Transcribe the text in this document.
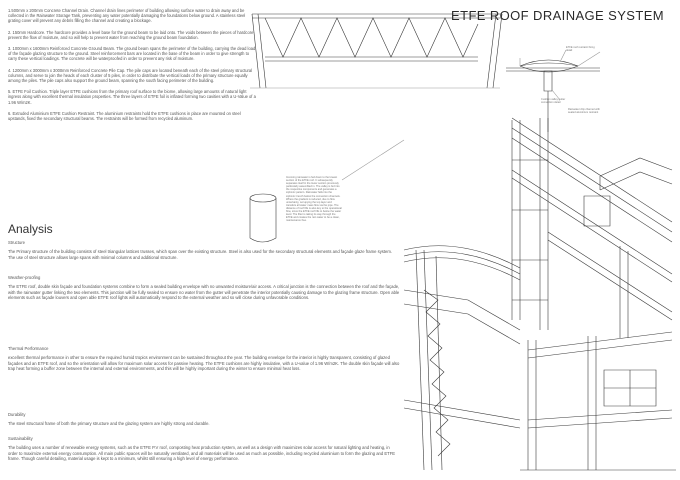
ETFE ROOF DRAINAGE SYSTEM

1.500mm x 200mm Concrete Channel Drain. Channel drain lines perimeter of building allowing surface water to drain away and be collected in the Rainwater Storage Tank, preventing any water potentially damaging the foundations below ground. A stainless steel grating cover will prevent any debris filling the channel and creating a blockage.

2. 150mm Hardcore. The hardcore provides a level base for the ground beam to be laid onto. The voids between the pieces of hardcore prevent the flow of moisture, and so will help to prevent water from reaching the ground beam foundation.

3. 1000mm x 1600mm Reinforced Concrete Ground Beam. The ground beam spans the perimeter of the building, carrying the dead load of the façade glazing structure to the ground. Steel reinforcement bars are located in the base of the beam in order to give strength to carry these vertical loadings. The concrete will be waterproofed in order to prevent any risk of moisture.

4. 1200mm x 3000mm x 3000mm Reinforced Concrete Pile Cap. The pile caps are located beneath each of the steel primary structural columns, and serve to join the heads of each cluster of 5 piles, in order to distribute the vertical loads of the primary structure equally among the piles. The pile caps also support the ground beam, spanning the south facing perimeter of the building.

5. ETFE Foil Cushion. Triple layer ETFE cushions from the primary roof surface to the biome, allowing large amounts of natural light ingress along with excellent thermal insulation properties. The three layers of ETFE foil is inflated forming two cavities with a U-Value of a 1.96 W/m2K.

6. Extruded Aluminium ETFE Cushion Restraint. The aluminium restraints hold the ETFE cushions in place are mounted on steel upstands, fixed the secondary structural beams. The restraints will be formed from recycled aluminum.

Analysis

Structure

The Primary structure of the building consists of steel triangular lattices trusses, which span over the existing structure. Steel is also used for the secondary structural elements and façade glaze frame system. The use of steel structure allows large spans with minimal columns and additional structure.

Weather-proofing

The ETFE roof, double skin façade and foundation systems combine to form a sealed building envelope with no unwanted moisture/air access. A critical junction is the connection between the roof and the façade, with the rainwater gutter linking the two elements. This junction will be fully sealed to ensure no water from the gutter will penetrate the interior potentially causing damage to the glazing frame structure. Open able elements such as façade louvers and open able ETFE roof lights will automatically respond to the external weather and so will close during unfavorable conditions.

Thermal Performance

excellent thermal performance in other to ensure the required humid tropics environment can be sustained throughout the year. The building envelope for the interior is highly transparent, consisting of glazed façades and an ETFE roof, and so the orientation will allow for maximum solar access for passive heating. The ETFE cushions are highly insulative, with a U-value of 1.96 W/m2K. The double skin façade will also trap heat forming a buffer zone between the internal and external environments, and this will be highly important during the winter to ensure minimal heat loss.

Durability

The steel structural frame of both the primary structure and the glazing system are highly strong and durable.

Sustainability

The building uses a number of renewable energy systems, such as the ETFE P.V roof, composting heat production system, as well as a design with maximizes solar access for natural lighting and heating, in order to maximize external energy consumption. All main public spaces will be naturally ventilated, and all materials will be used as much as possible, including recycled aluminium to form the glazing and ETFE frame. Though careful detailing, material usage is kept to a minimum, whilst still ensuring a high level of energy performance.

Incoming rainwater is fed down to the lowest section of the ETFE roof. It subsequently separates itself in the lower section previously particularly assembled in. The valley is fed into the respective components and generates a siphonic pattern. Rainwater falls into the siphonic trench below the connection channels. Where the gradient is reduced, due to flow uncertainty, occupying the top layer and transfers all water mass flow via the pipe. The distance of roof fills is also key to the operational flow, since the ETFE roof fills to below the water level. The filter is taking its way through the ETFE and creates the rain water to be a clean, maintenance free.
ETFE roof restraint fixing detail
Cushion valley gutter connection detail
Rainwater drip channel with sealed aluminium restraint
